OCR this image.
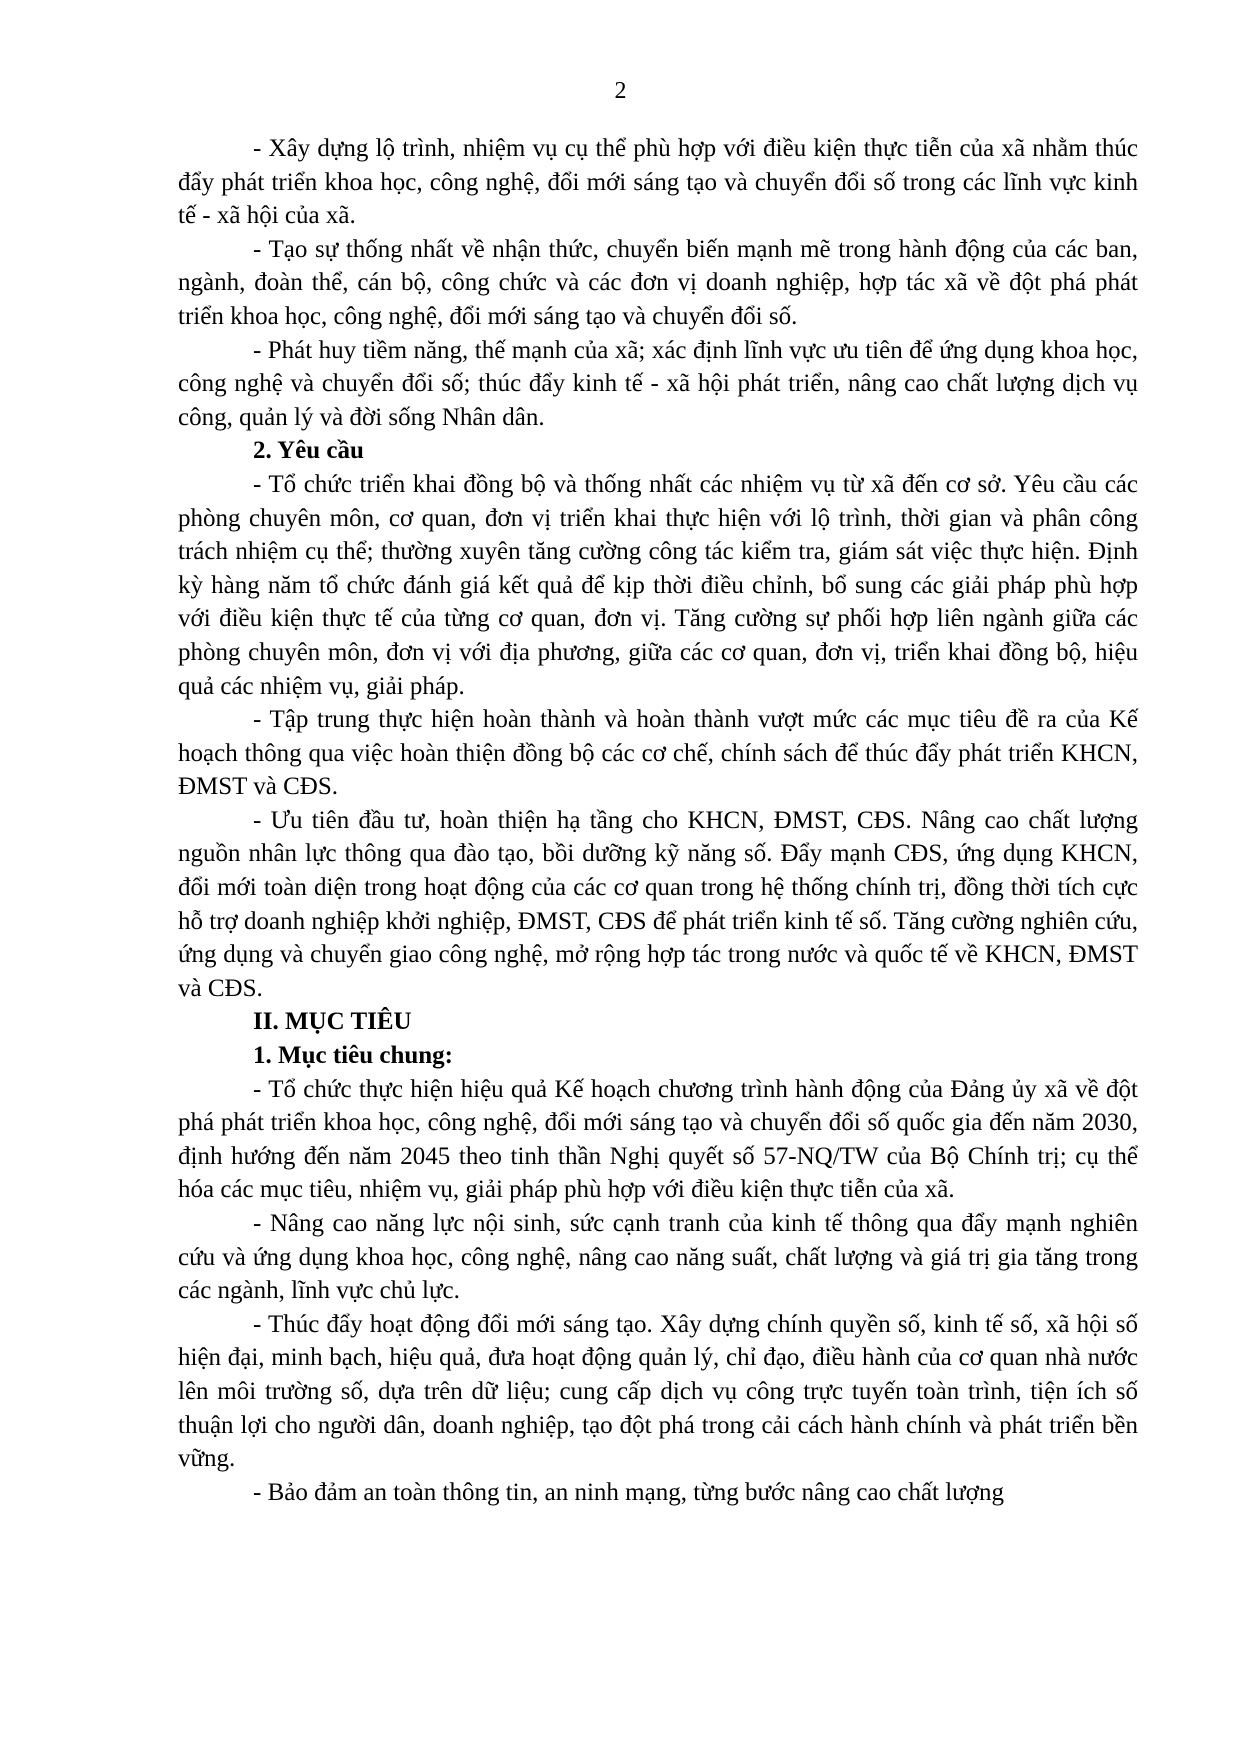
2

- Xây dựng lộ trình, nhiệm vụ cụ thể phù hợp với điều kiện thực tiễn của xã nhằm thúc đẩy phát triển khoa học, công nghệ, đổi mới sáng tạo và chuyển đổi số trong các lĩnh vực kinh tế - xã hội của xã.

- Tạo sự thống nhất về nhận thức, chuyển biến mạnh mẽ trong hành động của các ban, ngành, đoàn thể, cán bộ, công chức và các đơn vị doanh nghiệp, hợp tác xã về đột phá phát triển khoa học, công nghệ, đổi mới sáng tạo và chuyển đổi số.

- Phát huy tiềm năng, thế mạnh của xã; xác định lĩnh vực ưu tiên để ứng dụng khoa học, công nghệ và chuyển đổi số; thúc đẩy kinh tế - xã hội phát triển, nâng cao chất lượng dịch vụ công, quản lý và đời sống Nhân dân.

2. Yêu cầu

- Tổ chức triển khai đồng bộ và thống nhất các nhiệm vụ từ xã đến cơ sở. Yêu cầu các phòng chuyên môn, cơ quan, đơn vị triển khai thực hiện với lộ trình, thời gian và phân công trách nhiệm cụ thể; thường xuyên tăng cường công tác kiểm tra, giám sát việc thực hiện. Định kỳ hàng năm tổ chức đánh giá kết quả để kịp thời điều chỉnh, bổ sung các giải pháp phù hợp với điều kiện thực tế của từng cơ quan, đơn vị. Tăng cường sự phối hợp liên ngành giữa các phòng chuyên môn, đơn vị với địa phương, giữa các cơ quan, đơn vị, triển khai đồng bộ, hiệu quả các nhiệm vụ, giải pháp.

- Tập trung thực hiện hoàn thành và hoàn thành vượt mức các mục tiêu đề ra của Kế hoạch thông qua việc hoàn thiện đồng bộ các cơ chế, chính sách để thúc đẩy phát triển KHCN, ĐMST và CĐS.

- Ưu tiên đầu tư, hoàn thiện hạ tầng cho KHCN, ĐMST, CĐS. Nâng cao chất lượng nguồn nhân lực thông qua đào tạo, bồi dưỡng kỹ năng số. Đẩy mạnh CĐS, ứng dụng KHCN, đổi mới toàn diện trong hoạt động của các cơ quan trong hệ thống chính trị, đồng thời tích cực hỗ trợ doanh nghiệp khởi nghiệp, ĐMST, CĐS để phát triển kinh tế số. Tăng cường nghiên cứu, ứng dụng và chuyển giao công nghệ, mở rộng hợp tác trong nước và quốc tế về KHCN, ĐMST và CĐS.

II. MỤC TIÊU

1. Mục tiêu chung:

- Tổ chức thực hiện hiệu quả Kế hoạch chương trình hành động của Đảng ủy xã về đột phá phát triển khoa học, công nghệ, đổi mới sáng tạo và chuyển đổi số quốc gia đến năm 2030, định hướng đến năm 2045 theo tinh thần Nghị quyết số 57-NQ/TW của Bộ Chính trị; cụ thể hóa các mục tiêu, nhiệm vụ, giải pháp phù hợp với điều kiện thực tiễn của xã.

- Nâng cao năng lực nội sinh, sức cạnh tranh của kinh tế thông qua đẩy mạnh nghiên cứu và ứng dụng khoa học, công nghệ, nâng cao năng suất, chất lượng và giá trị gia tăng trong các ngành, lĩnh vực chủ lực.

- Thúc đẩy hoạt động đổi mới sáng tạo. Xây dựng chính quyền số, kinh tế số, xã hội số hiện đại, minh bạch, hiệu quả, đưa hoạt động quản lý, chỉ đạo, điều hành của cơ quan nhà nước lên môi trường số, dựa trên dữ liệu; cung cấp dịch vụ công trực tuyến toàn trình, tiện ích số thuận lợi cho người dân, doanh nghiệp, tạo đột phá trong cải cách hành chính và phát triển bền vững.

- Bảo đảm an toàn thông tin, an ninh mạng, từng bước nâng cao chất lượng
